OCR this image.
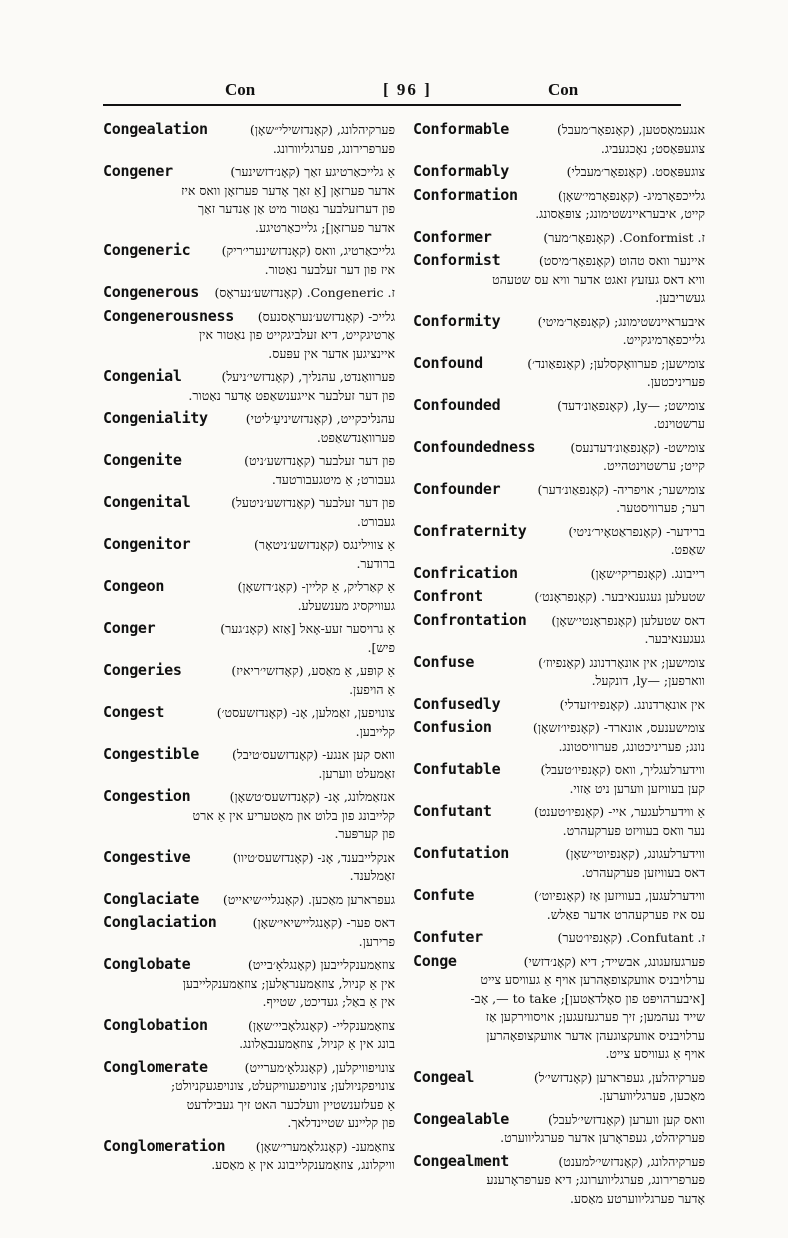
Con	[ 96 ]	Con
Congealation	פערקיהלונג, (קאָנדזשילי״שאָן)
פערפרירונג, פערגליוורונג.
Congener	אַ גלייכאַרטיגע זאַך (קאָנ׳דזשינער)
אדער פערזאָן [אַ זאַך אָדער פערזאָן וואס איז
פון דערזעלבער נאַטור מיט אַן אַנדער זאַך
אדער פערזאָן]; גלייכאַרטיגע.
Congeneric	גלייכאַרטיג, וואס (קאָנדזשינערי׳ריק)
איז פון דער זעלבער נאַטור.
Congenerous	ז. Congeneric. (קאָנדזשע׳נעראָס)
Congenerousness	גלייכ- (קאָנדזשע׳נעראָסנעס)
אַרטיגקייט, דיא זעלביגקייט פון נאַטור אין
איינציגען אדער אין עפּעס.
Congenial	פערוואַנדט, עהנליך, (קאָנדזשי׳ניעל)
פון דער זעלבער אייגענשאַפט אָדער נאַטור.
Congeniality	עהנליכקייט, (קאָנדזשיניעַ׳ליטי)
פערוואַנדשאַפט.
Congenite	פון דער זעלבער (קאָנדזשע׳ניט)
געבורט; אַ מיטגעבורטעד.
Congenital	פון דער זעלבער (קאָנדזשע׳ניטעל)
געבורט.
Congenitor	אַ צווילינגס (קאָנדזשע׳ניטאָר)
ברודער.
Congeon	אַ קאַרליק, אַ קליין- (קאָנ׳דזשאָן)
געוויקסיג מענשעלע.
Conger	אַ גרויסער זעע-אָאל [אַזא (קאָנ׳גער)
פיש].
Congeries	אַ קופּע, אַ מאַסע, (קאָדזשי׳ריאיז)
אַ הויפען.
Congest	צונויפען, זאַמלען, אָנ- (קאָנדזשעסט׳)
קלייבען.
Congestible	וואס קען אנגע- (קאָנדזשעס׳טיבל)
זאַמעלט ווערען.
Congestion	אנזאַמלונג, אָנ- (קאָנדזשעס׳טשאָן)
קלייבונג פון בלוט און מאַטעריע אין אַ ארט
פון קערפּער.
Congestive	אנקלייבענד, אָנ- (קאָנדזשעס׳טיוו)
זאַמלענד.
Conglaciate	געפרארען מאַכען. (קאָנגליי׳שיאייט)
Conglaciation	דאס פער- (קאָנגליישיאי׳שאָן)
פרירען.
Conglobate	צוזאַמענקלייבען (קאָנגלאָ׳בייט)
אין אַ קניול, צוזאַמענראָלען; צוזאַמענקלייבען
אין אַ באַל; געדיכט, שטייף.
Conglobation	צוזאַמענקליי- (קאָנגלאָביי׳שאָן)
בונג אין אַ קניול, צוזאַמענבאַלונג.
Conglomerate	צונויפוויקלען, (קאָנגלאָ׳מערייט)
צונויפקניולען; צונויפגעוויקעלט, צונויפגעקניולט;
אַ פעלזענשטיין וועלכער האט זיך געבילדעט
פון קליינע שטיינדלאך.
Conglomeration	צוזאַמענ- (קאָנגלאָמערי׳שאָן)
וויקלונג, צוזאַמענקלייבונג אין אַ מאַסע.
Conformable	אנגעמאָסטען, (קאָנפאָר׳מעבל)
צוגעפּאַסט; נאָכגעביג.
Conformably	צוגעפּאַסט. (קאָנפאָר׳מעבלי)
Conformation	גלייכפאָרמיג- (קאָנפאָרמי׳שאָן)
קייט, איבעראיינשטימונג; צופּאַסונג.
Conformer	ז. Conformist. (קאָנפאָר׳מער)
Conformist	איינער וואס טהוט (קאָנפאָר׳מיסט)
וויא דאס געזעץ זאגט אדער וויא עס שטעהט
געשריבען.
Conformity	איבעראיינשטימונג; (קאָנפאָר׳מיטי)
גלייכפאָרמיגקייט.
Confound	צומישען; פערוואָקסלען; (קאָנפאַונד׳)
פעריניכטען.
Confounded	צומישט; —ly, (קאָנפאַונ׳דעד)
ערשטוינט.
Confoundedness	צומישט- (קאָנפאַונ׳דעדנעס)
קייט; ערשטוינטהייט.
Confounder	צומישער; אויפריה- (קאָנפאַונ׳דער)
רער; פערוויסטער.
Confraternity	ברידער- (קאָנפראַטאָיר׳ניטי)
שאַפט.
Confrication	רייבונג. (קאָנפריקי׳שאָן)
Confront	שטעלען געגענאיבער. (קאָנפראָנט׳)
Confrontation	דאס שטעלען (קאָנפראָנטי׳שאָן)
געגענאיבער.
Confuse	צומישען; אין אונאָרדנונג (קאָנפיוז׳)
ווארפען; —ly, דונקעל.
Confusedly	אין אונאָרדנונג. (קאָנפיו׳זעדלי)
Confusion	צומישענעס, אונארד- (קאָנפיו׳זשאָן)
נונג; פעריניכטונג, פערוויסטונג.
Confutable	ווידערלעגליך, וואס (קאָנפיו׳טעבל)
קען בעוויזען ווערען ניט אַזוי.
Confutant	אַ ווידערלעגער, איי- (קאָנפיו׳טענט)
נער וואס בעוויזט פערקעהרט.
Confutation	ווידערלעגונג, (קאָנפיוטי׳שאָן)
דאס בעוויזען פערקעהרט.
Confute	ווידערלעגען, בעוויזען אַז (קאָנפיוט׳)
עס איז פערקעהרט אדער פאַלש.
Confuter	ז. Confutant. (קאָנפיו׳טער)
Conge	פערגעזעגונג, אבשייד; דיא (קאָנ׳דזשי)
ערלויבניס אוועקצופאָהרען אויף אַ געוויסע צייט
[איבערהויפּט פון סאָלדאַטען]; to take —, אָב-
שייד נעהמען; זיך פערגעזעגען; אויסווירקען אַז
ערלויבניס אוועקצוגעהן אדער אוועקצופאָהרען
אויף אַ געוויסע צייט.
Congeal	פערקיהלען, געפרארען (קאָנדזשי׳ל)
מאַכען, פערגליווערען.
Congealable	וואס קען ווערען (קאָנדזשי׳לעבל)
פערקיהלט, געפראָרען אדער פערגליווערט.
Congealment	פערקיהלונג, (קאָנדזשי׳למענט)
פערפרירונג, פערגליווערונג; דיא פערפראָרענע
אָדער פערגליווערטע מאַסע.
